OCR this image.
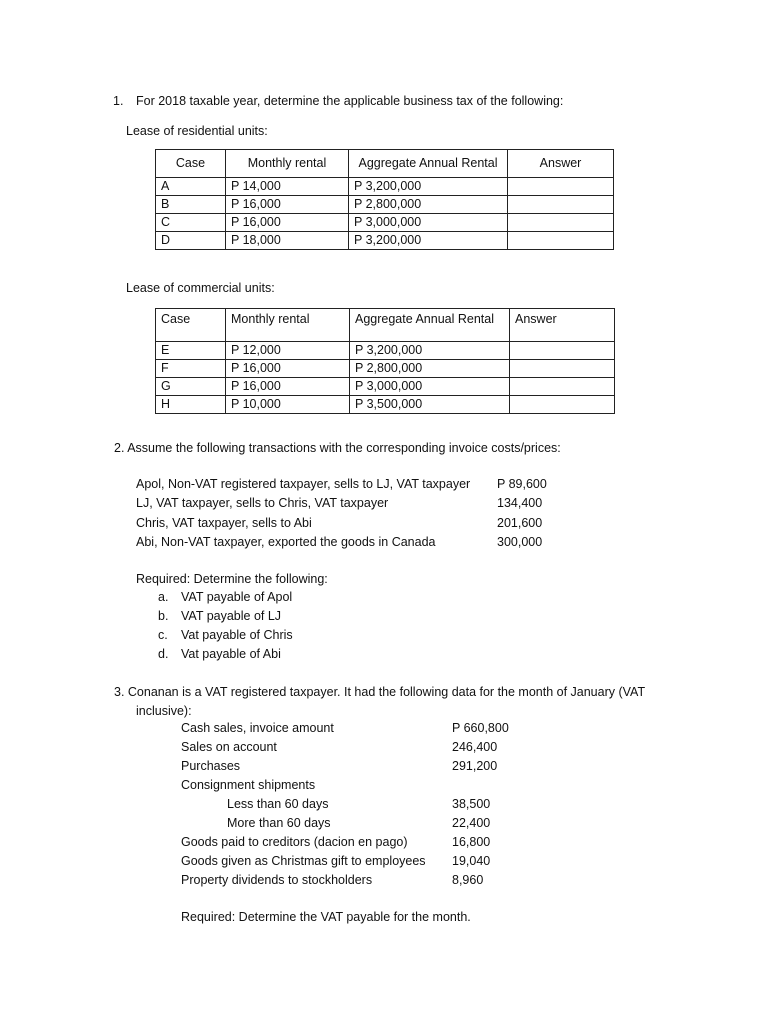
1. For 2018 taxable year, determine the applicable business tax of the following:
Lease of residential units:
Case	Monthly rental	Aggregate Annual Rental	Answer
A	P 14,000	P 3,200,000	
B	P 16,000	P 2,800,000	
C	P 16,000	P 3,000,000	
D	P 18,000	P 3,200,000	
Lease of commercial units:
Case	Monthly rental	Aggregate Annual Rental	Answer
E	P 12,000	P 3,200,000	
F	P 16,000	P 2,800,000	
G	P 16,000	P 3,000,000	
H	P 10,000	P 3,500,000	
2. Assume the following transactions with the corresponding invoice costs/prices:
Apol, Non-VAT registered taxpayer, sells to LJ, VAT taxpayer P 89,600
LJ, VAT taxpayer, sells to Chris, VAT taxpayer	134,400
Chris, VAT taxpayer, sells to Abi	201,600
Abi, Non-VAT taxpayer, exported the goods in Canada	300,000
Required: Determine the following:
a. VAT payable of Apol
b. VAT payable of LJ
c. Vat payable of Chris
d. Vat payable of Abi
3. Conanan is a VAT registered taxpayer. It had the following data for the month of January (VAT
inclusive):
Cash sales, invoice amount	P 660,800
Sales on account	246,400
Purchases	291,200
Consignment shipments
Less than 60 days	38,500
More than 60 days	22,400
Goods paid to creditors (dacion en pago)	16,800
Goods given as Christmas gift to employees 19,040
Property dividends to stockholders	8,960
Required: Determine the VAT payable for the month.
